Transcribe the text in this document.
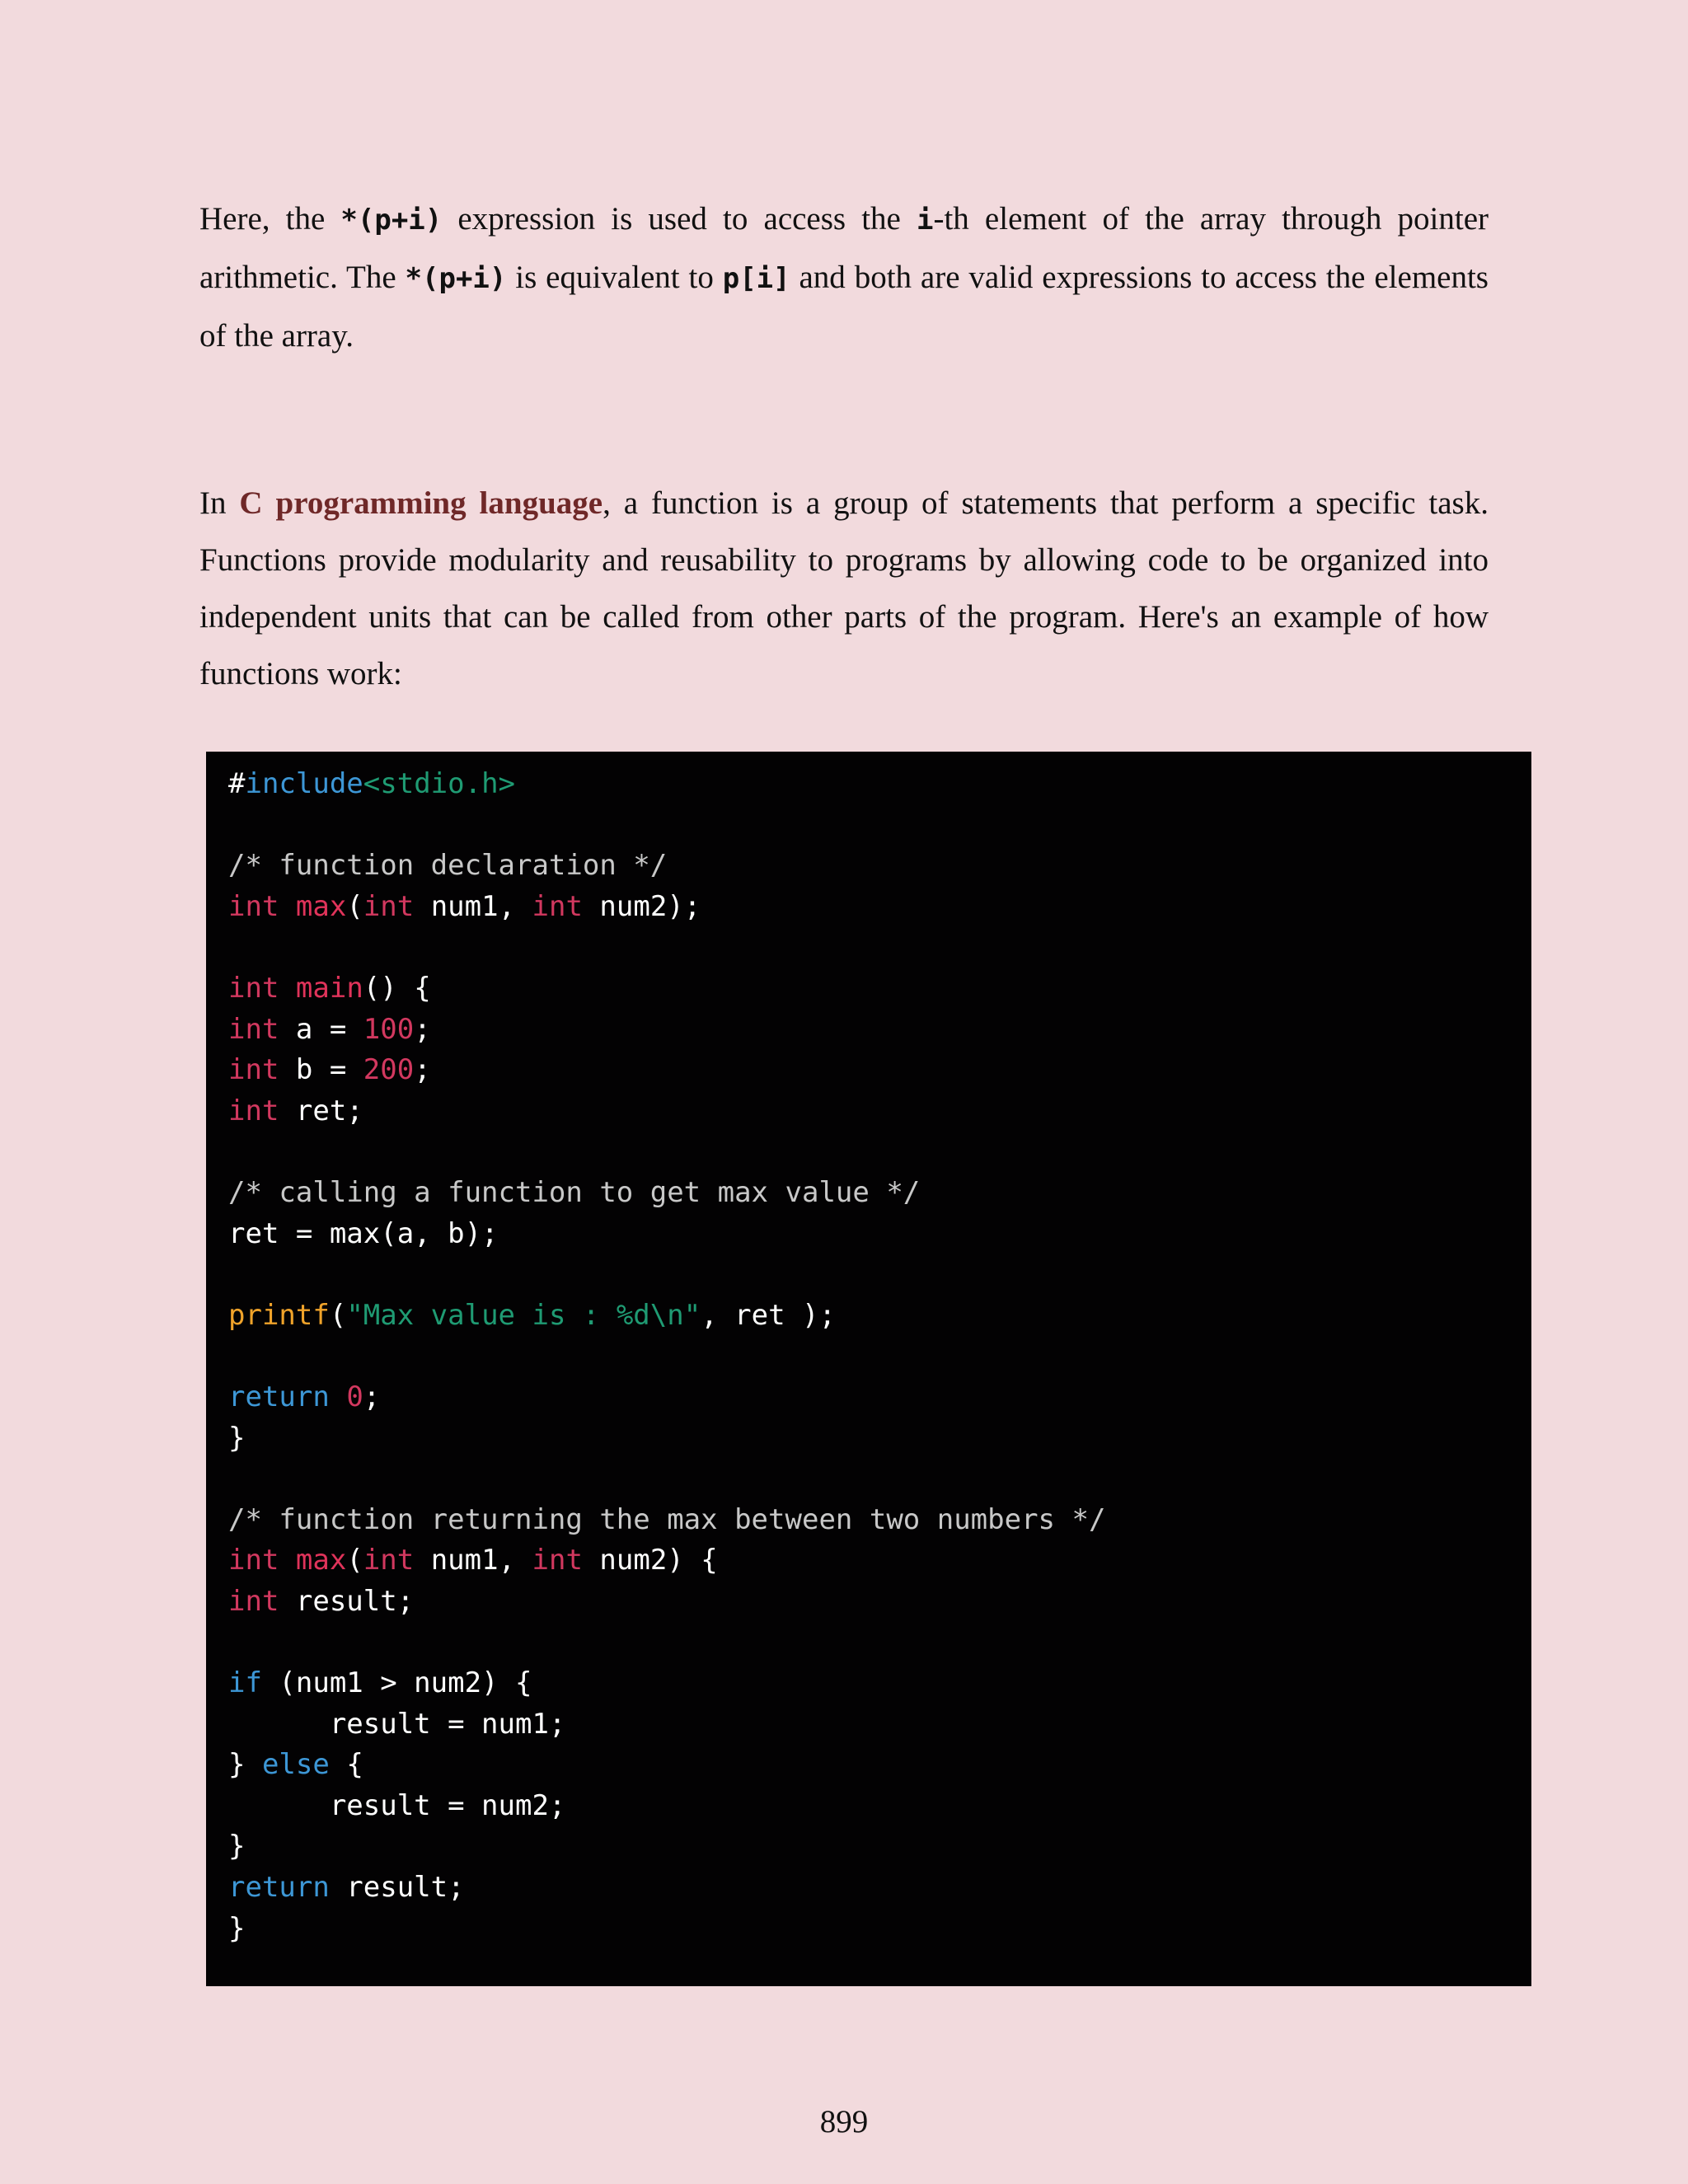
Here, the *(p+i) expression is used to access the i-th element of the array through pointer arithmetic. The *(p+i) is equivalent to p[i] and both are valid expressions to access the elements of the array.

In C programming language, a function is a group of statements that perform a specific task. Functions provide modularity and reusability to programs by allowing code to be organized into independent units that can be called from other parts of the program. Here's an example of how functions work:

#include<stdio.h>
/* function declaration */
int max(int num1, int num2);
int main() {
int a = 100;
int b = 200;
int ret;
/* calling a function to get max value */
ret = max(a, b);
printf("Max value is : %d\n", ret );
return 0;
}
/* function returning the max between two numbers */
int max(int num1, int num2) {
int result;
if (num1 > num2) {
result = num1;
} else {
result = num2;
}
return result;
}
899
